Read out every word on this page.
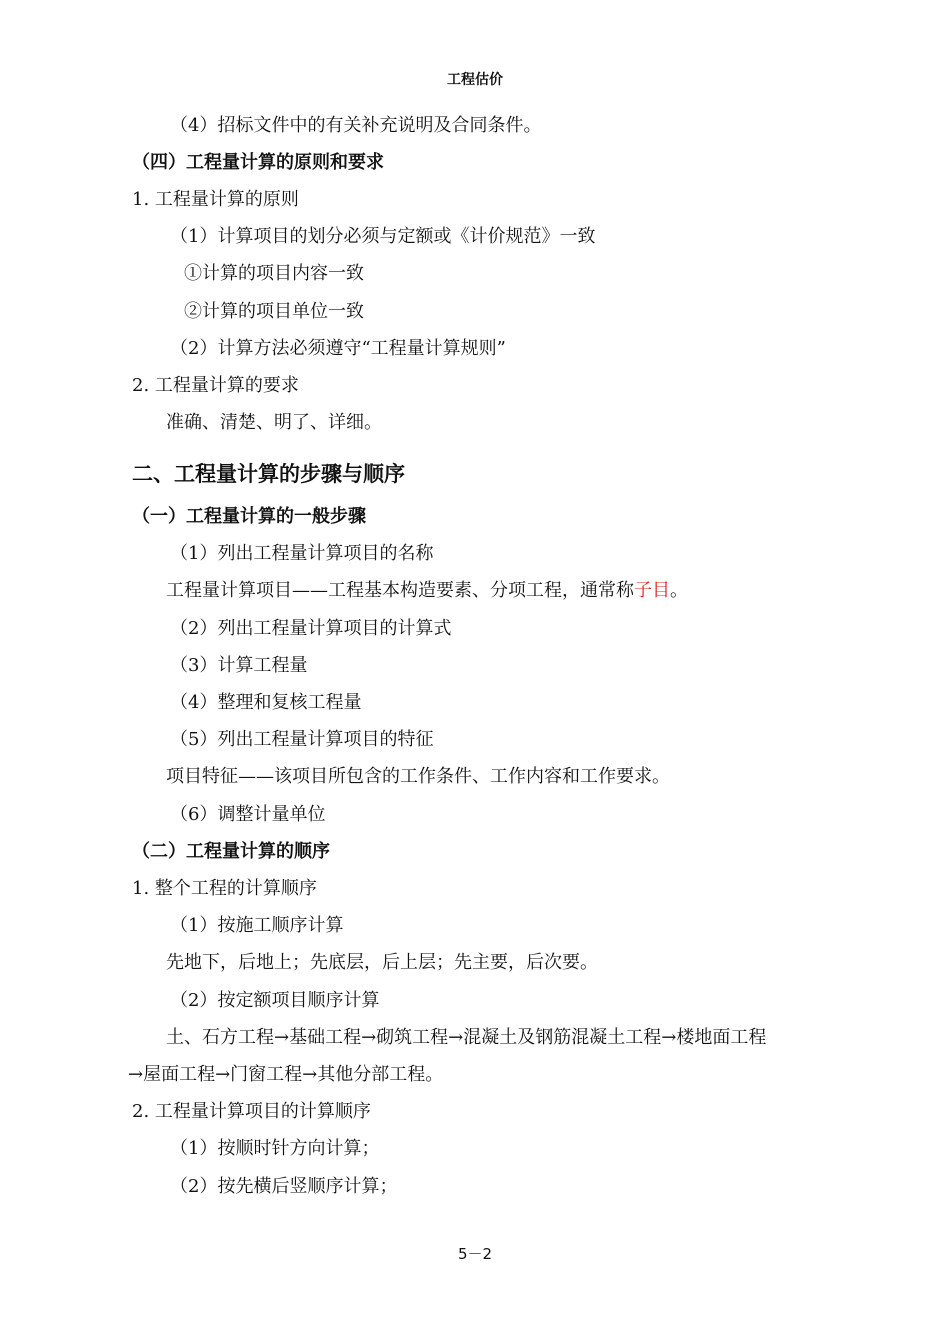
工程估价
（4）招标文件中的有关补充说明及合同条件。
（四）工程量计算的原则和要求
1. 工程量计算的原则
（1）计算项目的划分必须与定额或《计价规范》一致
①计算的项目内容一致
②计算的项目单位一致
（2）计算方法必须遵守“工程量计算规则”
2. 工程量计算的要求
准确、清楚、明了、详细。
二、工程量计算的步骤与顺序
（一）工程量计算的一般步骤
（1）列出工程量计算项目的名称
工程量计算项目——工程基本构造要素、分项工程，通常称子目。
（2）列出工程量计算项目的计算式
（3）计算工程量
（4）整理和复核工程量
（5）列出工程量计算项目的特征
项目特征——该项目所包含的工作条件、工作内容和工作要求。
（6）调整计量单位
（二）工程量计算的顺序
1. 整个工程的计算顺序
（1）按施工顺序计算
先地下，后地上；先底层，后上层；先主要，后次要。
（2）按定额项目顺序计算
土、石方工程→基础工程→砌筑工程→混凝土及钢筋混凝土工程→楼地面工程
→屋面工程→门窗工程→其他分部工程。
2. 工程量计算项目的计算顺序
（1）按顺时针方向计算；
（2）按先横后竖顺序计算；
5－2
